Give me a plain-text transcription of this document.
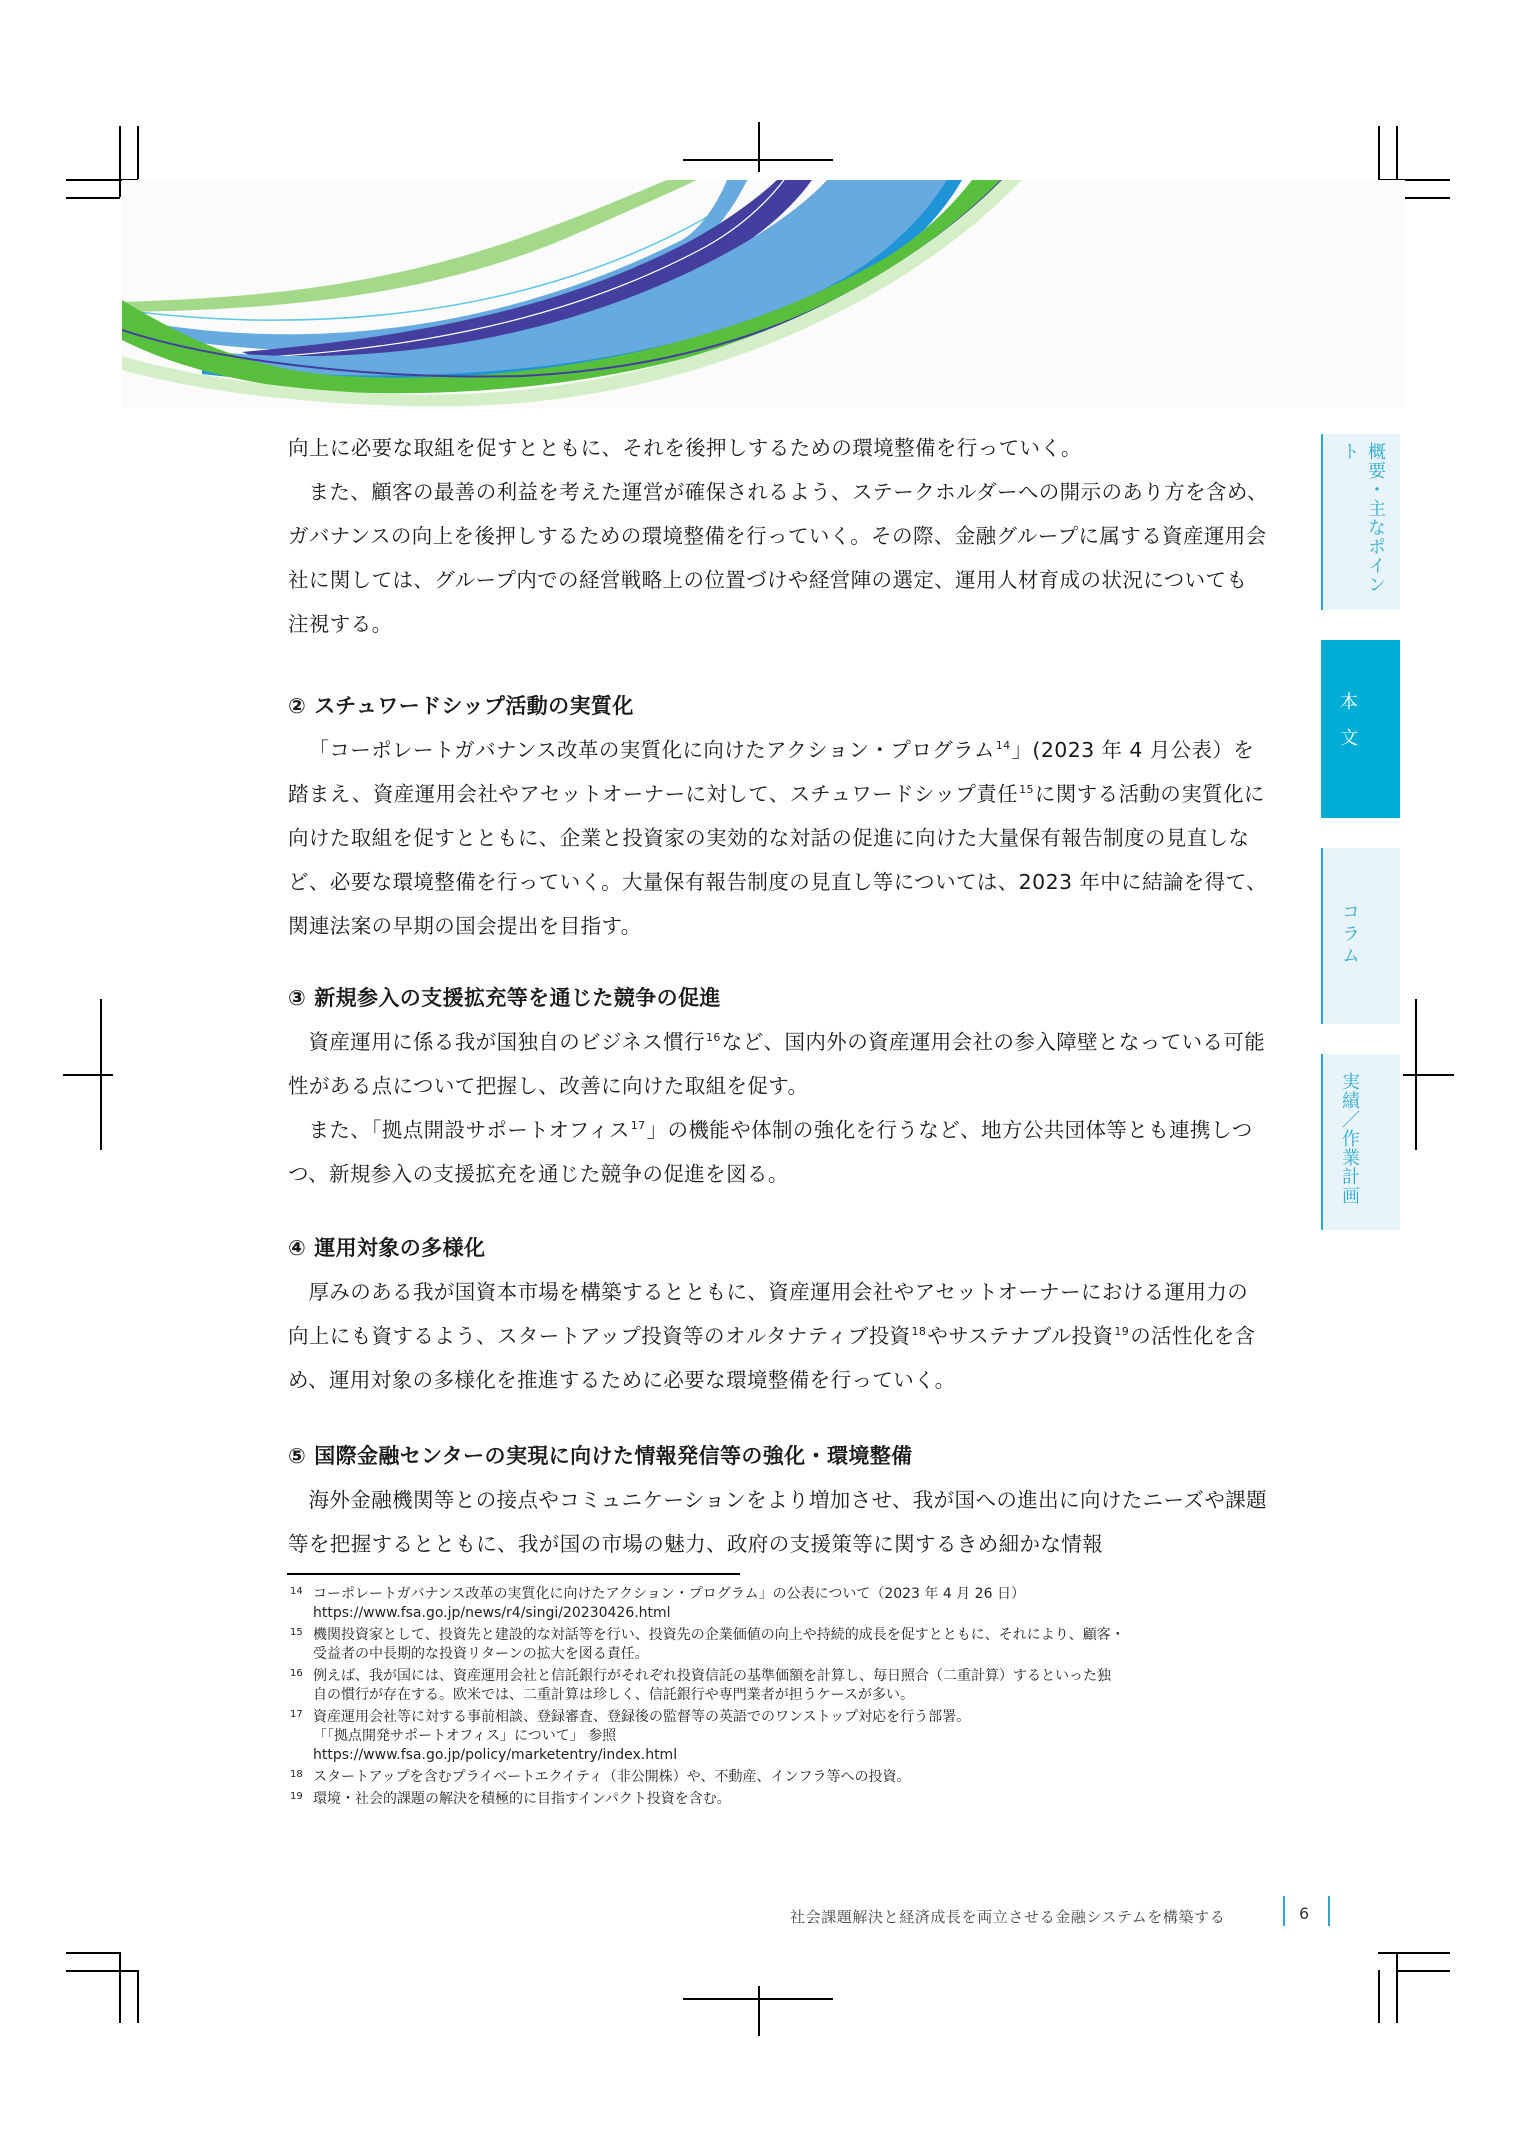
向上に必要な取組を促すとともに、それを後押しするための環境整備を行っていく。

また、顧客の最善の利益を考えた運営が確保されるよう、ステークホルダーへの開示のあり方を含め、ガバナンスの向上を後押しするための環境整備を行っていく。その際、金融グループに属する資産運用会社に関しては、グループ内での経営戦略上の位置づけや経営陣の選定、運用人材育成の状況についても注視する。

② スチュワードシップ活動の実質化

「コーポレートガバナンス改革の実質化に向けたアクション・プログラム$^{14}$」(2023 年 4 月公表）を踏まえ、資産運用会社やアセットオーナーに対して、スチュワードシップ責任$^{15}$に関する活動の実質化に向けた取組を促すとともに、企業と投資家の実効的な対話の促進に向けた大量保有報告制度の見直しなど、必要な環境整備を行っていく。大量保有報告制度の見直し等については、2023 年中に結論を得て、関連法案の早期の国会提出を目指す。

③ 新規参入の支援拡充等を通じた競争の促進

資産運用に係る我が国独自のビジネス慣行$^{16}$など、国内外の資産運用会社の参入障壁となっている可能性がある点について把握し、改善に向けた取組を促す。

また、「拠点開設サポートオフィス$^{17}$」の機能や体制の強化を行うなど、地方公共団体等とも連携しつつ、新規参入の支援拡充を通じた競争の促進を図る。

④ 運用対象の多様化

厚みのある我が国資本市場を構築するとともに、資産運用会社やアセットオーナーにおける運用力の向上にも資するよう、スタートアップ投資等のオルタナティブ投資$^{18}$やサステナブル投資$^{19}$の活性化を含め、運用対象の多様化を推進するために必要な環境整備を行っていく。

⑤ 国際金融センターの実現に向けた情報発信等の強化・環境整備

海外金融機関等との接点やコミュニケーションをより増加させ、我が国への進出に向けたニーズや課題等を把握するとともに、我が国の市場の魅力、政府の支援策等に関するきめ細かな情報

14 コーポレートガバナンス改革の実質化に向けたアクション・プログラム」の公表について（2023 年 4 月 26 日）
https://www.fsa.go.jp/news/r4/singi/20230426.html
15 機関投資家として、投資先と建設的な対話等を行い、投資先の企業価値の向上や持続的成長を促すとともに、それにより、顧客・
受益者の中長期的な投資リターンの拡大を図る責任。
16 例えば、我が国には、資産運用会社と信託銀行がそれぞれ投資信託の基準価額を計算し、毎日照合（二重計算）するといった独
自の慣行が存在する。欧米では、二重計算は珍しく、信託銀行や専門業者が担うケースが多い。
17 資産運用会社等に対する事前相談、登録審査、登録後の監督等の英語でのワンストップ対応を行う部署。
「「拠点開発サポートオフィス」について」 参照
https://www.fsa.go.jp/policy/marketentry/index.html
18 スタートアップを含むプライベートエクイティ（非公開株）や、不動産、インフラ等への投資。
19 環境・社会的課題の解決を積極的に目指すインパクト投資を含む。
概要・主なポイント
本文
コラム
実績／作業計画
社会課題解決と経済成長を両立させる金融システムを構築する	6
